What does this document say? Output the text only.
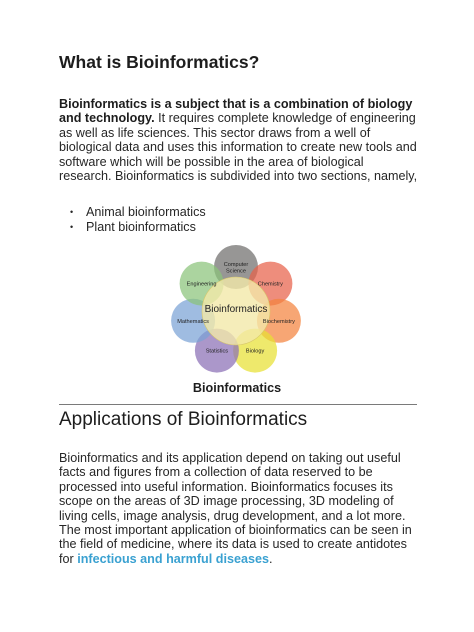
What is Bioinformatics?
Bioinformatics is a subject that is a combination of biology and technology. It requires complete knowledge of engineering as well as life sciences. This sector draws from a well of biological data and uses this information to create new tools and software which will be possible in the area of biological research. Bioinformatics is subdivided into two sections, namely,
• Animal bioinformatics
• Plant bioinformatics
Bioinformatics
Computer Science
Chemistry
Biochemistry
Biology
Statistics
Mathematics
Engineering
Bioinformatics
Applications of Bioinformatics
Bioinformatics and its application depend on taking out useful facts and figures from a collection of data reserved to be processed into useful information. Bioinformatics focuses its scope on the areas of 3D image processing, 3D modeling of living cells, image analysis, drug development, and a lot more. The most important application of bioinformatics can be seen in the field of medicine, where its data is used to create antidotes for infectious and harmful diseases.
